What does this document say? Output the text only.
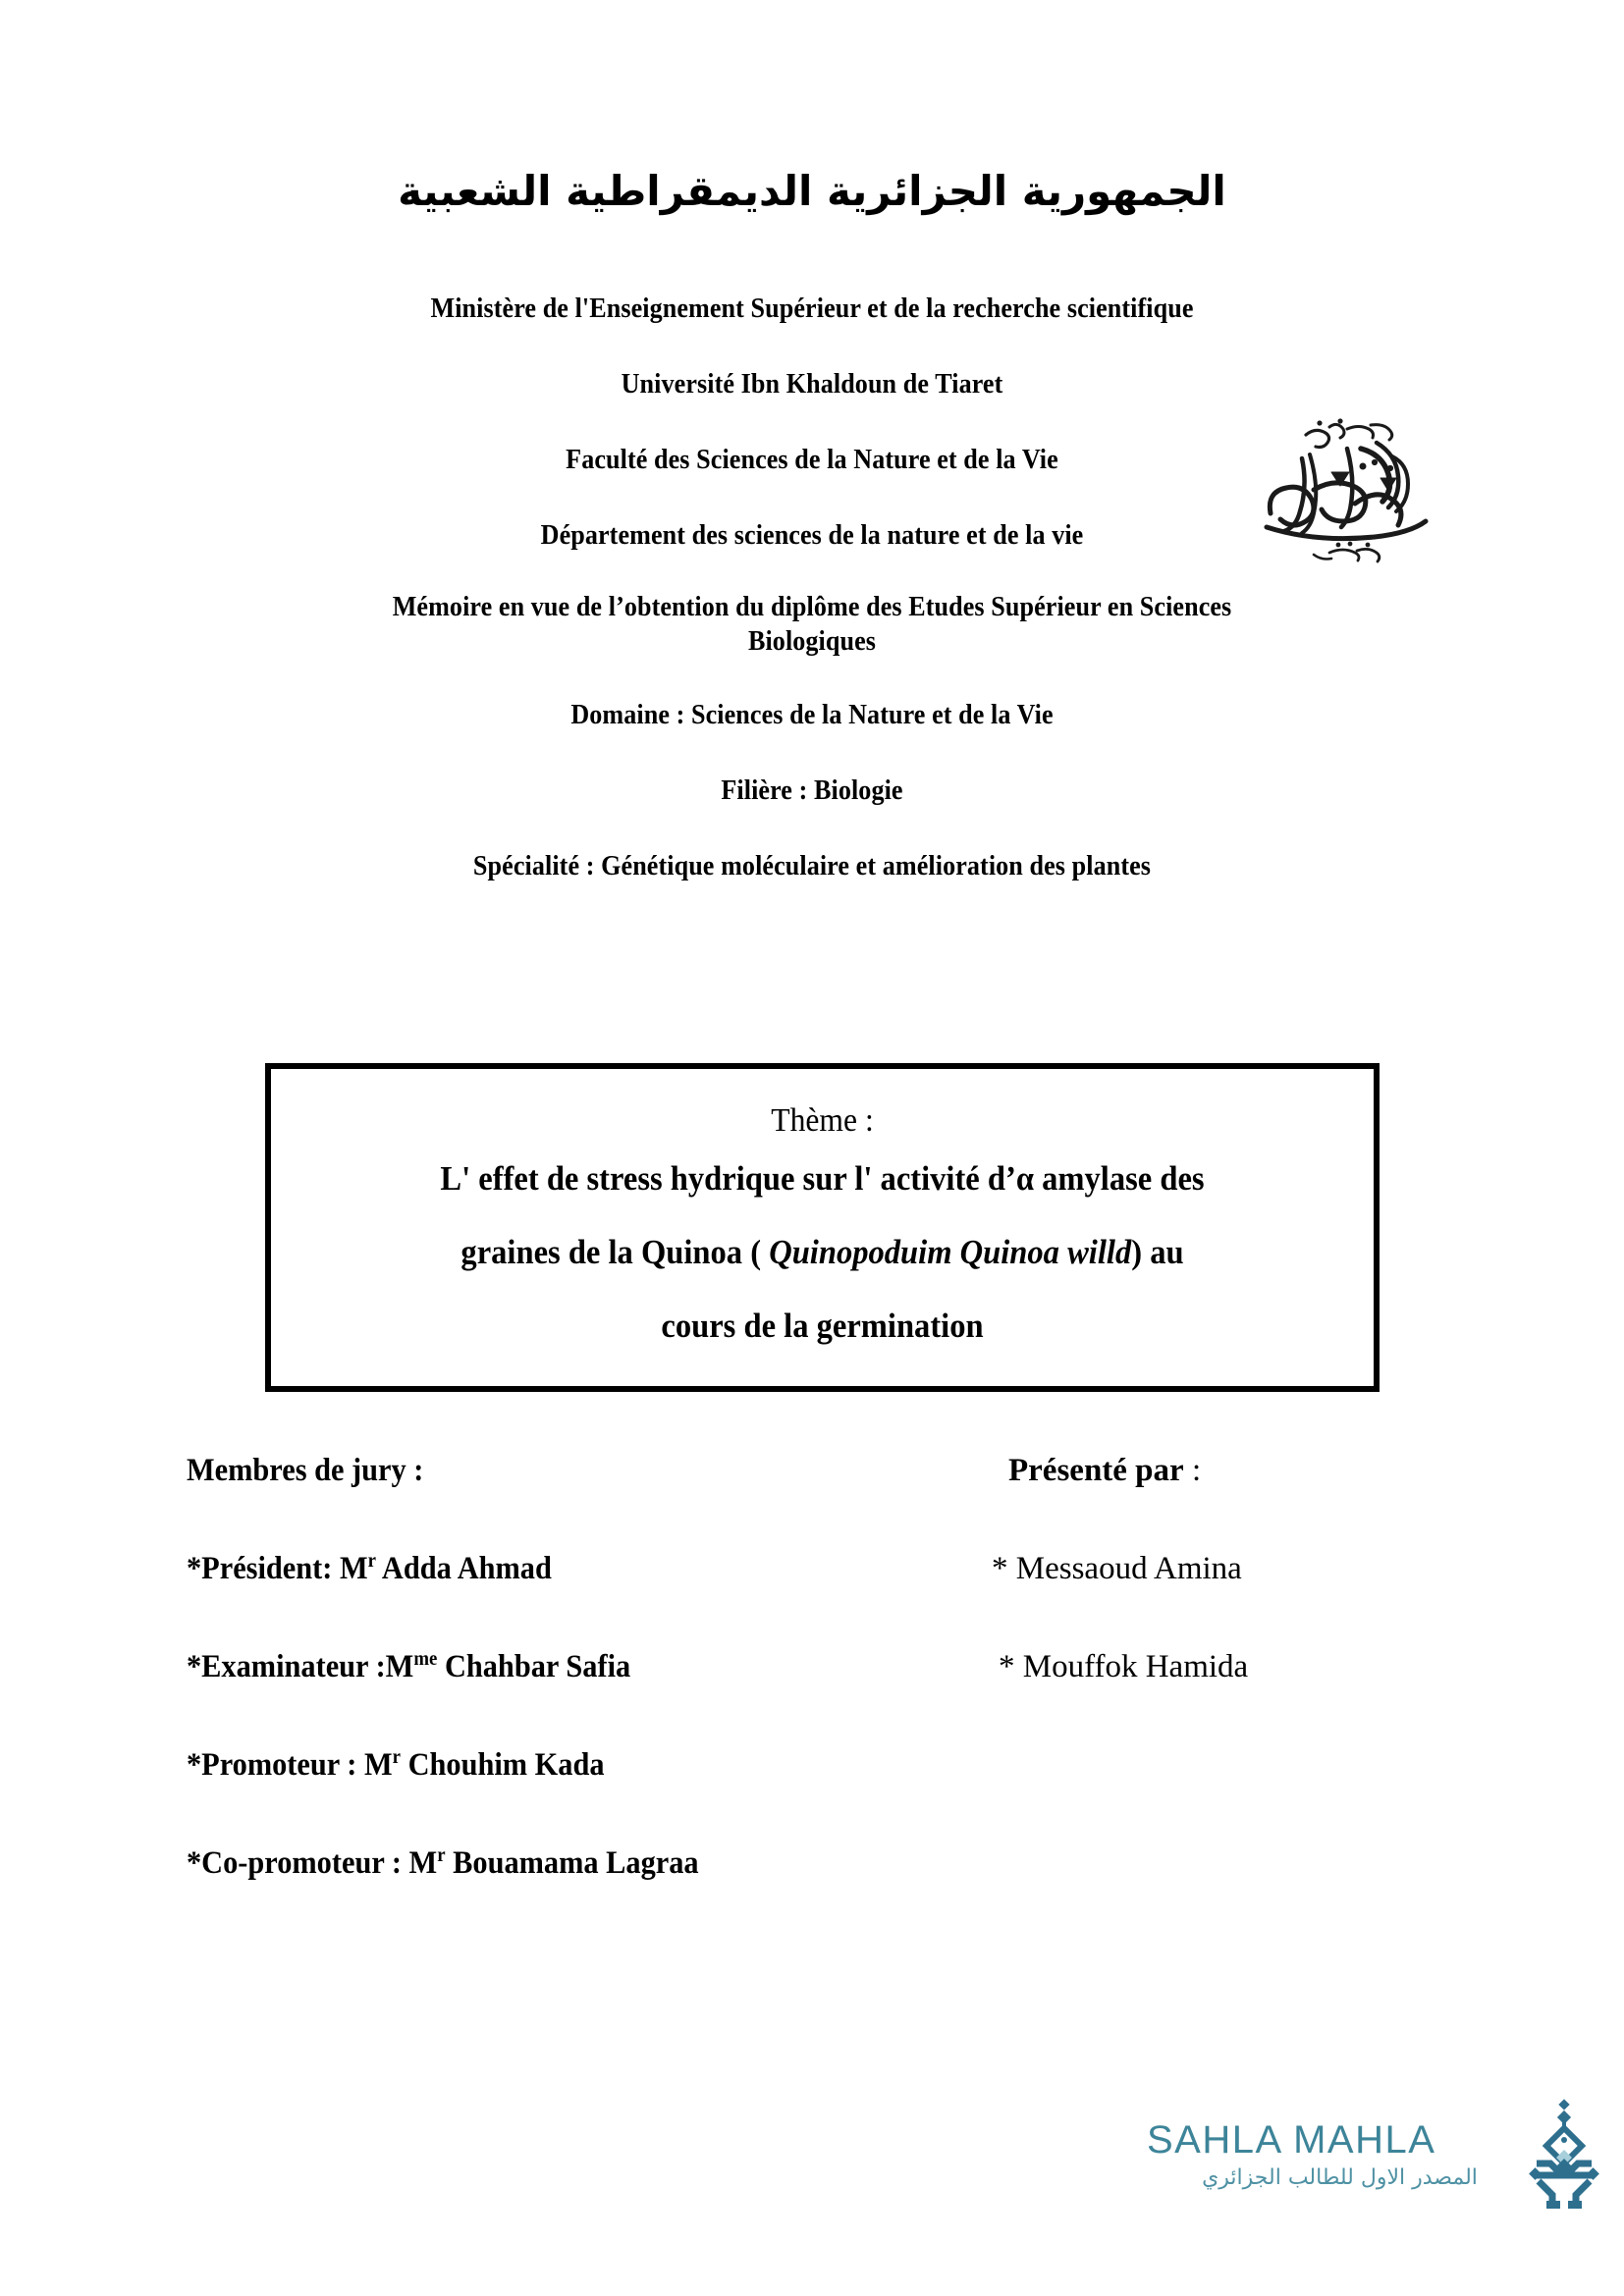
الجمهورية الجزائرية الديمقراطية الشعبية
Ministère de l'Enseignement Supérieur et de la recherche scientifique
Université Ibn Khaldoun de Tiaret
Faculté des Sciences de la Nature et de la Vie
Département des sciences de la nature et de la vie
Mémoire en vue de l’obtention du diplôme des Etudes Supérieur en Sciences
Biologiques
Domaine : Sciences de la Nature et de la Vie
Filière : Biologie
Spécialité : Génétique moléculaire et amélioration des plantes
Thème :
L' effet de stress hydrique sur l' activité d’α amylase des
graines de la Quinoa ( Quinopoduim Quinoa willd) au
cours de la germination
Membres de jury :
*Président: $M^r$ Adda Ahmad
*Examinateur $:M^{me}$ Chahbar Safia
*Promoteur : $M^r$ Chouhim Kada
*Co-promoteur : $M^r$ Bouamama Lagraa
Présenté par :
* Messaoud Amina
* Mouffok Hamida
SAHLA MAHLA
المصدر الاول للطالب الجزائري
